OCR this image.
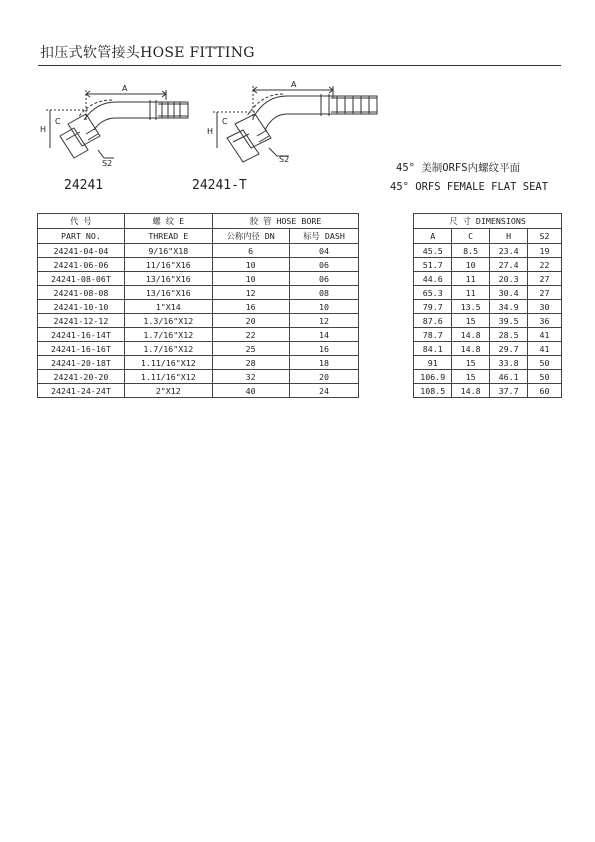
扣压式软管接头HOSE FITTING
A
C
H
S2
A
C
H
S2
24241	24241-T
45° 美制ORFS内螺纹平面
45° ORFS FEMALE FLAT SEAT
代 号	螺 纹 E	胶 管 HOSE BORE			尺 寸 DIMENSIONS			
PART NO.	THREAD E	公称内径 DN	标号 DASH		A	C	H	S2
24241-04-04	9/16"X18	6	04		45.5	8.5	23.4	19
24241-06-06	11/16"X16	10	06		51.7	10	27.4	22
24241-08-06T	13/16"X16	10	06		44.6	11	20.3	27
24241-08-08	13/16"X16	12	08		65.3	11	30.4	27
24241-10-10	1"X14	16	10		79.7	13.5	34.9	30
24241-12-12	1.3/16"X12	20	12		87.6	15	39.5	36
24241-16-14T	1.7/16"X12	22	14		78.7	14.8	28.5	41
24241-16-16T	1.7/16"X12	25	16		84.1	14.8	29.7	41
24241-20-18T	1.11/16"X12	28	18		91	15	33.8	50
24241-20-20	1.11/16"X12	32	20		106.9	15	46.1	50
24241-24-24T	2"X12	40	24		108.5	14.8	37.7	60
